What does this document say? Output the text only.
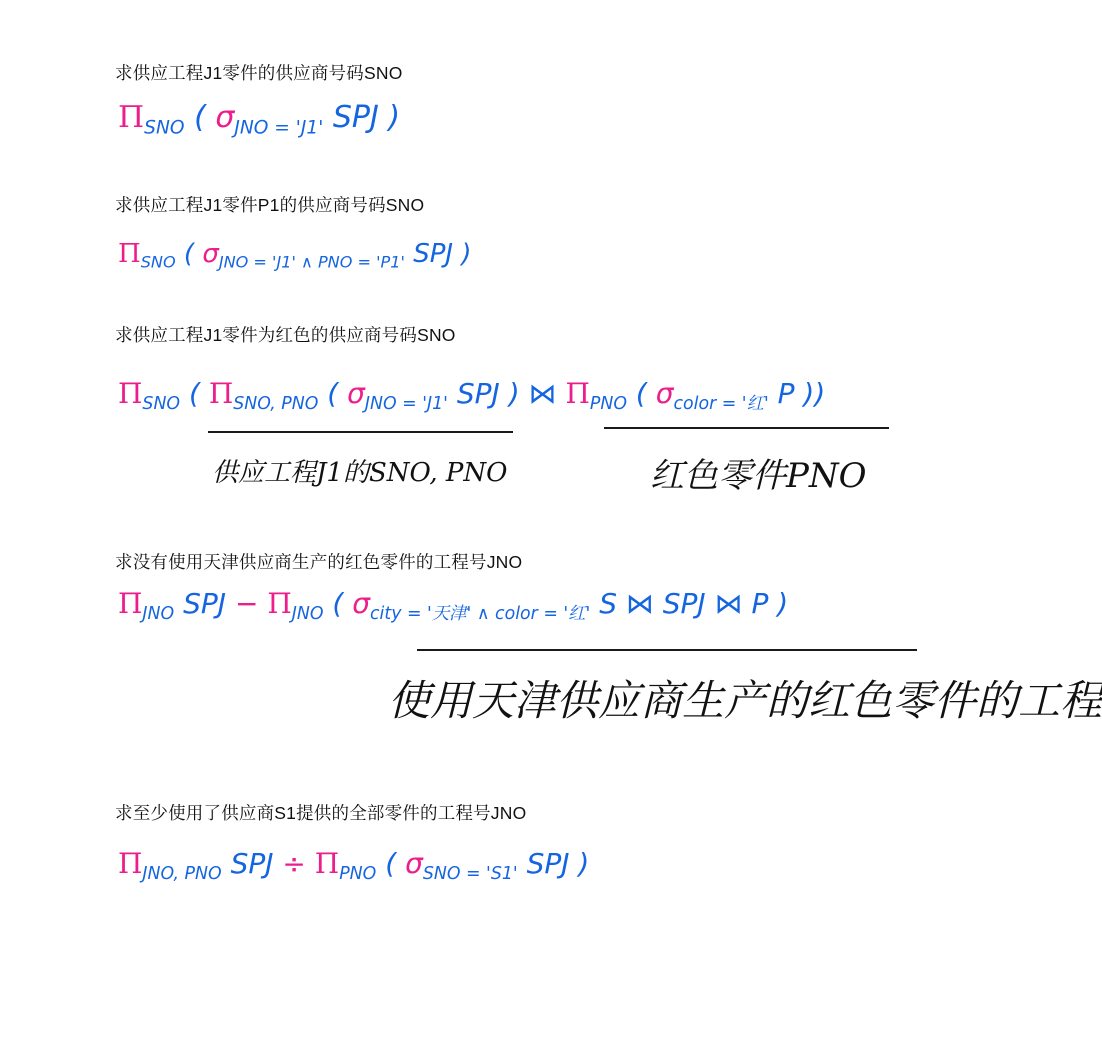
求供应工程J1零件的供应商号码SNO
$\Pi_{SNO}$ ( $\sigma_{JNO = 'J1'}$ SPJ )
求供应工程J1零件P1的供应商号码SNO
$\Pi_{SNO}$ ( $\sigma_{JNO = 'J1' \wedge PNO = 'P1'}$ SPJ )
求供应工程J1零件为红色的供应商号码SNO
$\Pi_{SNO}$ ( $\Pi_{SNO, PNO}$ ( $\sigma_{JNO = 'J1'}$ SPJ ) ⋈ $\Pi_{PNO}$ ( $\sigma_{color = '红'}$ P ))
供应工程J1的SNO, PNO	红色零件PNO
求没有使用天津供应商生产的红色零件的工程号JNO
$\Pi_{JNO}$ SPJ − $\Pi_{JNO}$ ( $\sigma_{city = '天津' \wedge color = '红'}$ S ⋈ SPJ ⋈ P )
使用天津供应商生产的红色零件的工程
求至少使用了供应商S1提供的全部零件的工程号JNO
$\Pi_{JNO, PNO}$ SPJ ÷ $\Pi_{PNO}$ ( $\sigma_{SNO = 'S1'}$ SPJ )
